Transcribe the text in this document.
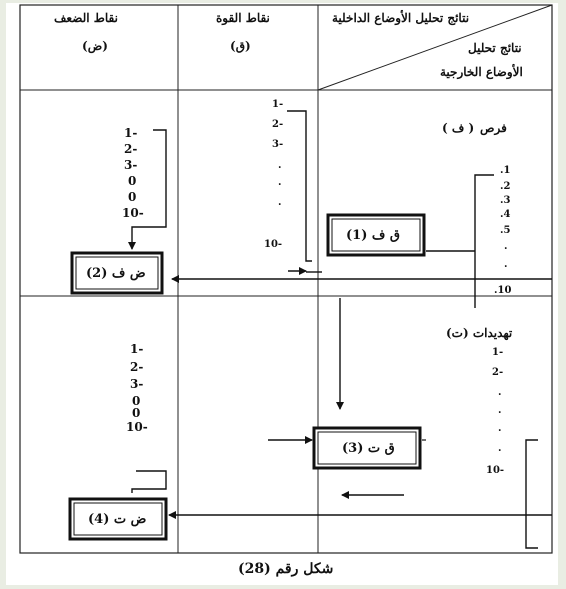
نقاط الضعف
(ض)
نقاط القوة
(ق)
نتائج تحليل الأوضاع الداخلية
نتائج تحليل
الأوضاع الخارجية
فرص
( ف )
تهديدات (ت)
1-
2-
3-
0
0
10-
1-
2-
3-
0
0
10-
1-
2-
3-
.
.
.
10-
.1
.2
.3
.4
.5
.
.
.10
1-
2-
.
.
.
.
10-
ق ف (1)
ض ف (2)
ق ت (3)
ض ت (4)
شكل رقم (28)
